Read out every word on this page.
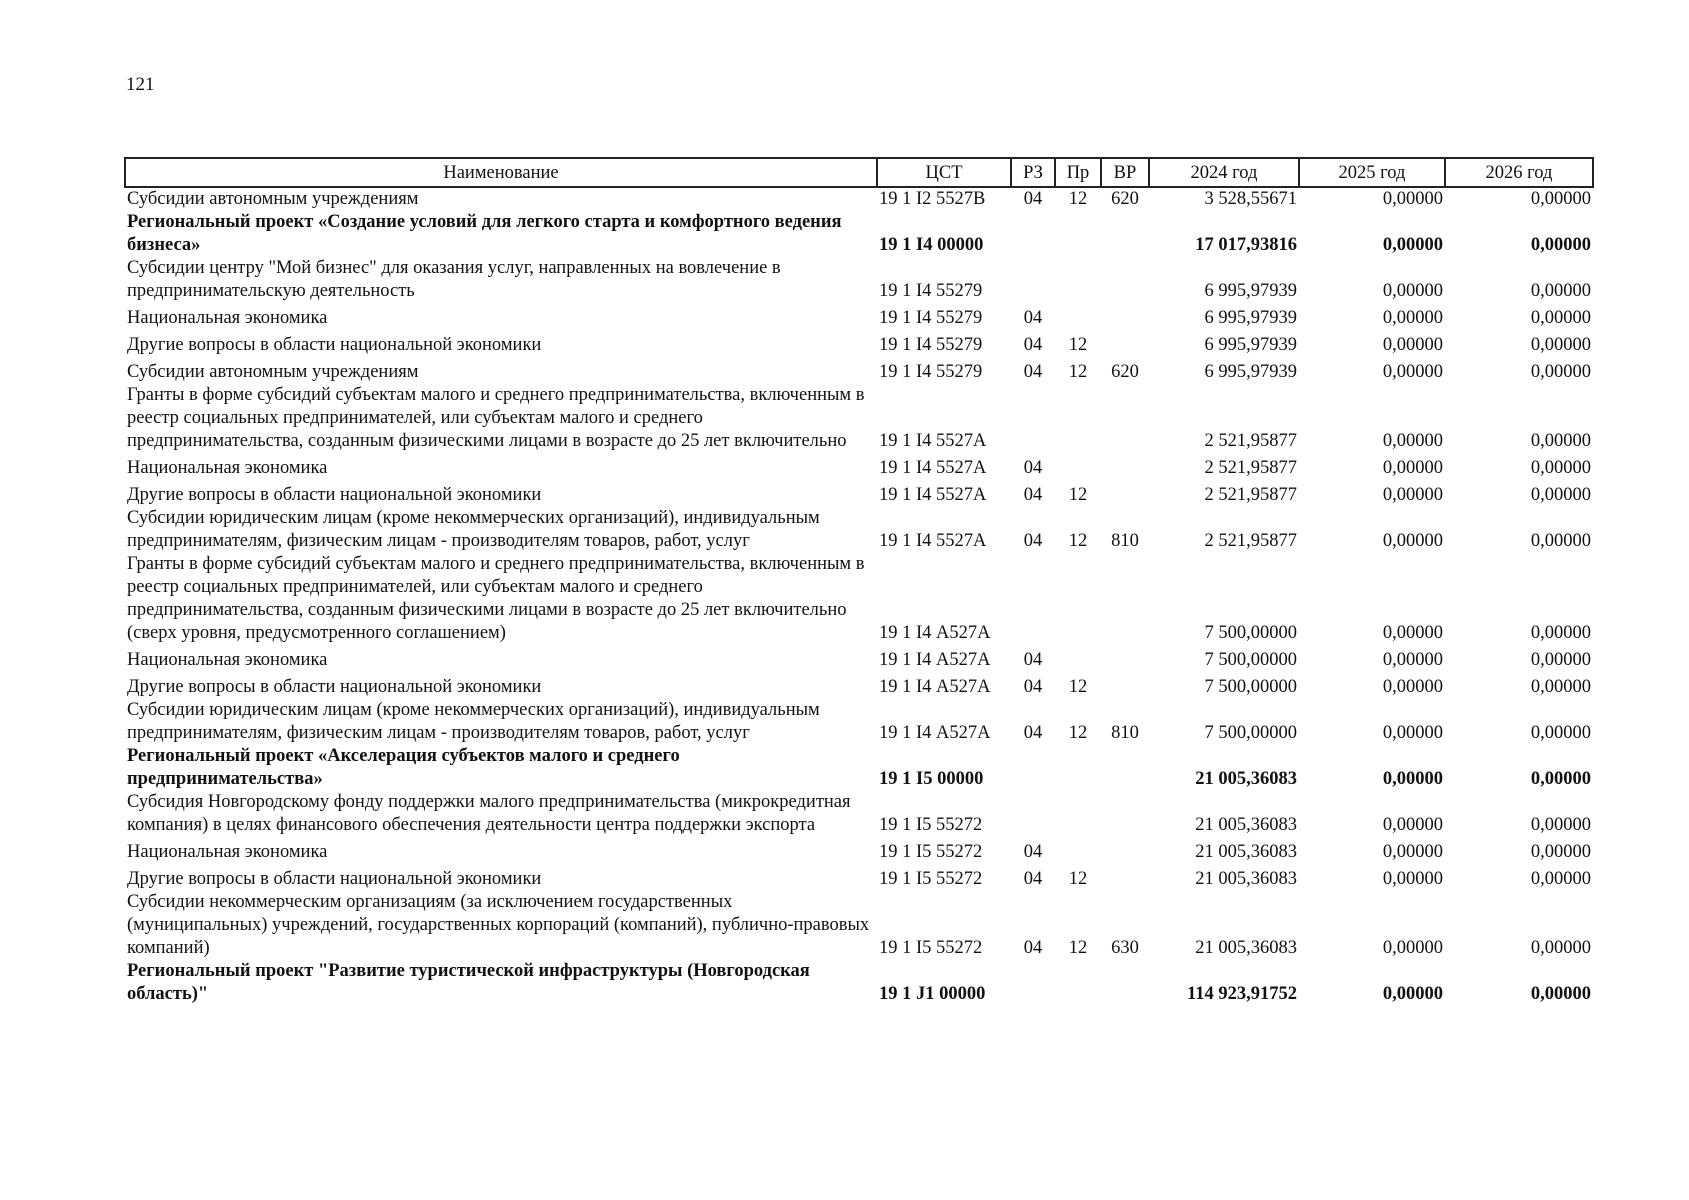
121
Наименование	ЦСТ	РЗ	Пр	ВР	2024 год	2025 год	2026 год
Субсидии автономным учреждениям	19 1 I2 5527В	04	12	620	3 528,55671	0,00000	0,00000
Региональный проект «Создание условий для легкого старта и комфортного ведения бизнеса»	19 1 I4 00000				17 017,93816	0,00000	0,00000
Субсидии центру "Мой бизнес" для оказания услуг, направленных на вовлечение в предпринимательскую деятельность	19 1 I4 55279				6 995,97939	0,00000	0,00000
Национальная экономика	19 1 I4 55279	04			6 995,97939	0,00000	0,00000
Другие вопросы в области национальной экономики	19 1 I4 55279	04	12		6 995,97939	0,00000	0,00000
Субсидии автономным учреждениям	19 1 I4 55279	04	12	620	6 995,97939	0,00000	0,00000
Гранты в форме субсидий субъектам малого и среднего предпринимательства, включенным в реестр социальных предпринимателей, или субъектам малого и среднего предпринимательства, созданным физическими лицами в возрасте до 25 лет включительно	19 1 I4 5527А				2 521,95877	0,00000	0,00000
Национальная экономика	19 1 I4 5527А	04			2 521,95877	0,00000	0,00000
Другие вопросы в области национальной экономики	19 1 I4 5527А	04	12		2 521,95877	0,00000	0,00000
Субсидии юридическим лицам (кроме некоммерческих организаций), индивидуальным предпринимателям, физическим лицам - производителям товаров, работ, услуг	19 1 I4 5527А	04	12	810	2 521,95877	0,00000	0,00000
Гранты в форме субсидий субъектам малого и среднего предпринимательства, включенным в реестр социальных предпринимателей, или субъектам малого и среднего предпринимательства, созданным физическими лицами в возрасте до 25 лет включительно (сверх уровня, предусмотренного соглашением)	19 1 I4 А527А				7 500,00000	0,00000	0,00000
Национальная экономика	19 1 I4 А527А	04			7 500,00000	0,00000	0,00000
Другие вопросы в области национальной экономики	19 1 I4 А527А	04	12		7 500,00000	0,00000	0,00000
Субсидии юридическим лицам (кроме некоммерческих организаций), индивидуальным предпринимателям, физическим лицам - производителям товаров, работ, услуг	19 1 I4 А527А	04	12	810	7 500,00000	0,00000	0,00000
Региональный проект «Акселерация субъектов малого и среднего предпринимательства»	19 1 I5 00000				21 005,36083	0,00000	0,00000
Субсидия Новгородскому фонду поддержки малого предпринимательства (микрокредитная компания) в целях финансового обеспечения деятельности центра поддержки экспорта	19 1 I5 55272				21 005,36083	0,00000	0,00000
Национальная экономика	19 1 I5 55272	04			21 005,36083	0,00000	0,00000
Другие вопросы в области национальной экономики	19 1 I5 55272	04	12		21 005,36083	0,00000	0,00000
Субсидии некоммерческим организациям (за исключением государственных (муниципальных) учреждений, государственных корпораций (компаний), публично-правовых компаний)	19 1 I5 55272	04	12	630	21 005,36083	0,00000	0,00000
Региональный проект "Развитие туристической инфраструктуры (Новгородская область)"	19 1 J1 00000				114 923,91752	0,00000	0,00000
